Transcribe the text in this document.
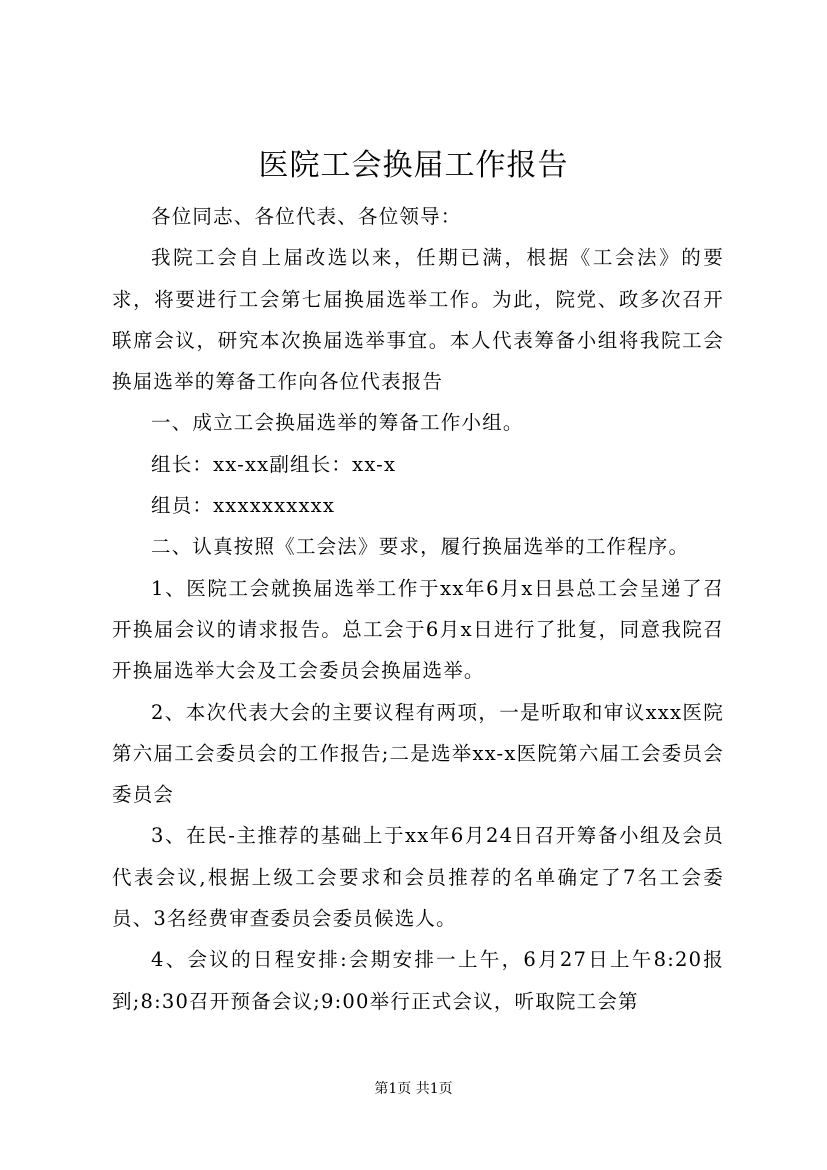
医院工会换届工作报告

各位同志、各位代表、各位领导：

我院工会自上届改选以来，任期已满，根据《工会法》的要求，将要进行工会第七届换届选举工作。为此，院党、政多次召开联席会议，研究本次换届选举事宜。本人代表筹备小组将我院工会换届选举的筹备工作向各位代表报告

一、成立工会换届选举的筹备工作小组。

组长：xx-xx副组长：xx-x

组员：xxxxxxxxxx

二、认真按照《工会法》要求，履行换届选举的工作程序。

1、医院工会就换届选举工作于xx年6月x日县总工会呈递了召开换届会议的请求报告。总工会于6月x日进行了批复，同意我院召开换届选举大会及工会委员会换届选举。

2、本次代表大会的主要议程有两项，一是听取和审议xxx医院第六届工会委员会的工作报告;二是选举xx-x医院第六届工会委员会委员会

3、在民-主推荐的基础上于xx年6月24日召开筹备小组及会员代表会议,根据上级工会要求和会员推荐的名单确定了7名工会委员、3名经费审查委员会委员候选人。

4、会议的日程安排:会期安排一上午，6月27日上午8:20报到;8:30召开预备会议;9:00举行正式会议，听取院工会第

第1页 共1页
